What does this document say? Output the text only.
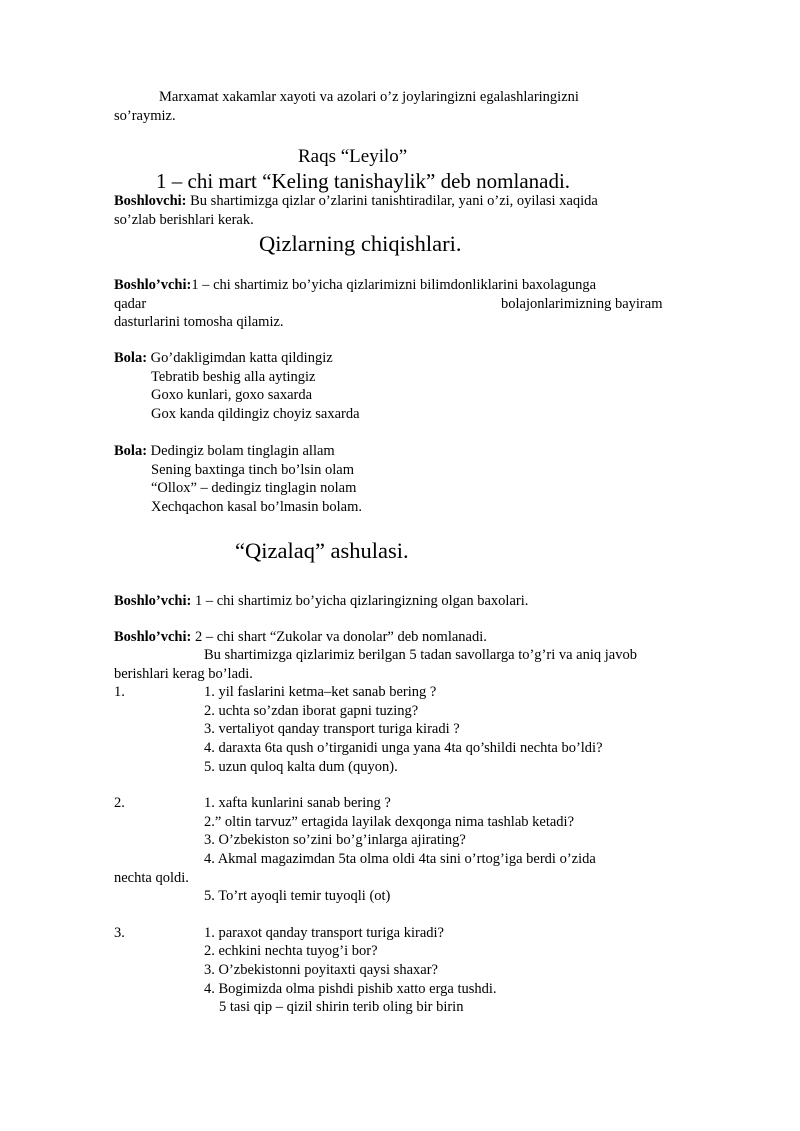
Marxamat xakamlar xayoti va azolari o’z joylaringizni egalashlaringizni
so’raymiz.
Raqs “Leyilo”
1 – chi mart “Keling tanishaylik” deb nomlanadi.
Boshlovchi: Bu shartimizga qizlar o’zlarini tanishtiradilar, yani o’zi, oyilasi xaqida
so’zlab berishlari kerak.
Qizlarning chiqishlari.
Boshlo’vchi:1 – chi shartimiz bo’yicha qizlarimizni bilimdonliklarini baxolagunga
qadar	bolajonlarimizning bayiram
dasturlarini tomosha qilamiz.
Bola: Go’dakligimdan katta qildingiz
Tebratib beshig alla aytingiz
Goxo kunlari, goxo saxarda
Gox kanda qildingiz choyiz saxarda
Bola: Dedingiz bolam tinglagin allam
Sening baxtinga tinch bo’lsin olam
“Ollox” – dedingiz tinglagin nolam
Xechqachon kasal bo’lmasin bolam.
“Qizalaq” ashulasi.
Boshlo’vchi: 1 – chi shartimiz bo’yicha qizlaringizning olgan baxolari.
Boshlo’vchi: 2 – chi shart “Zukolar va donolar” deb nomlanadi.
Bu shartimizga qizlarimiz berilgan 5 tadan savollarga to’g’ri va aniq javob
berishlari kerag bo’ladi.
1.	1. yil faslarini ketma–ket sanab bering ?
2. uchta so’zdan iborat gapni tuzing?
3. vertaliyot qanday transport turiga kiradi ?
4. daraxta 6ta qush o’tirganidi unga yana 4ta qo’shildi nechta bo’ldi?
5. uzun quloq kalta dum (quyon).
2.	1. xafta kunlarini sanab bering ?
2.” oltin tarvuz” ertagida layilak dexqonga nima tashlab ketadi?
3. O’zbekiston so’zini bo’g’inlarga ajirating?
4. Akmal magazimdan 5ta olma oldi 4ta sini o’rtog’iga berdi o’zida
nechta qoldi.
5. To’rt ayoqli temir tuyoqli (ot)
3.	1. paraxot qanday transport turiga kiradi?
2. echkini nechta tuyog’i bor?
3. O’zbekistonni poyitaxti qaysi shaxar?
4. Bogimizda olma pishdi pishib xatto erga tushdi.
5 tasi qip – qizil shirin terib oling bir birin
